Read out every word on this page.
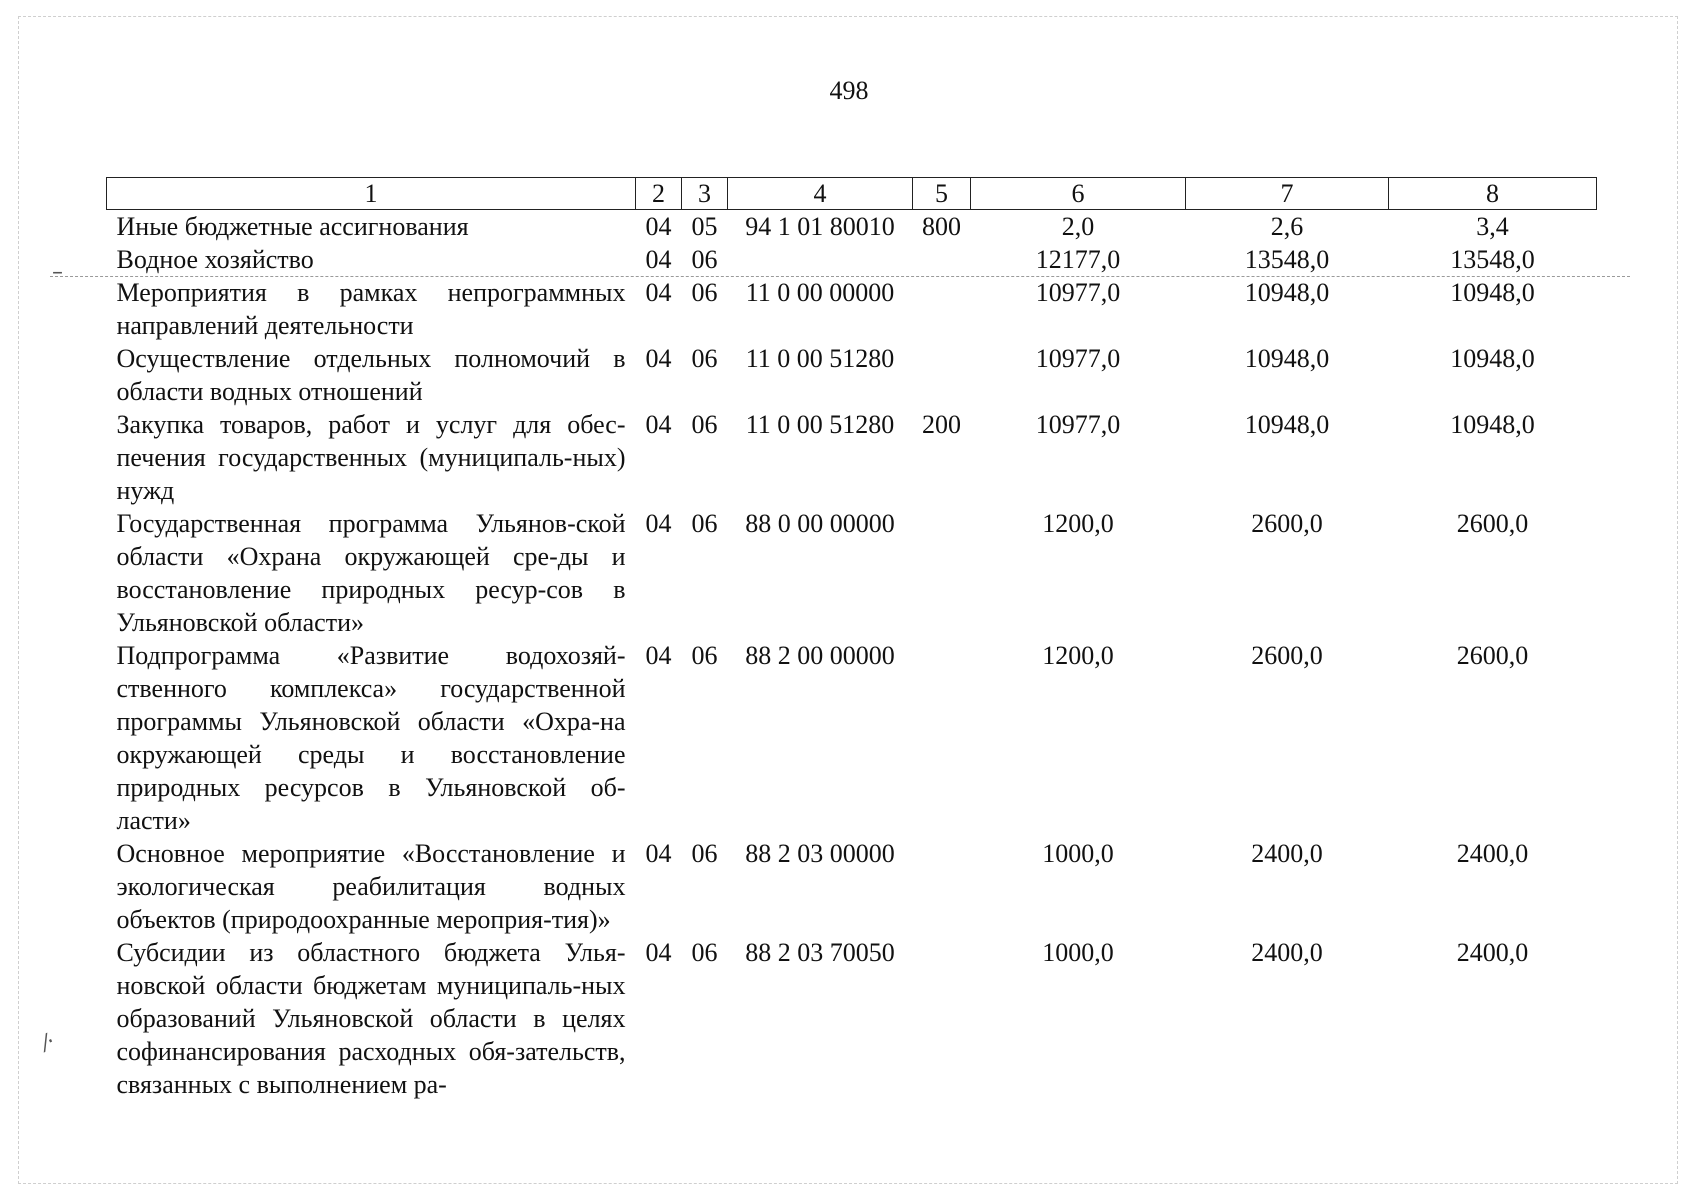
498
–
⁄·
1	2	3	4	5	6	7	8
Иные бюджетные ассигнования	04	05	94 1 01 80010	800	2,0	2,6	3,4
Водное хозяйство	04	06			12177,0	13548,0	13548,0
Мероприятия в рамках непрограммных направлений деятельности	04	06	11 0 00 00000		10977,0	10948,0	10948,0
Осуществление отдельных полномочий в области водных отношений	04	06	11 0 00 51280		10977,0	10948,0	10948,0
Закупка товаров, работ и услуг для обес-печения государственных (муниципаль-ных) нужд	04	06	11 0 00 51280	200	10977,0	10948,0	10948,0
Государственная программа Ульянов-ской области «Охрана окружающей сре-ды и восстановление природных ресур-сов в Ульяновской области»	04	06	88 0 00 00000		1200,0	2600,0	2600,0
Подпрограмма «Развитие водохозяй-ственного комплекса» государственной программы Ульяновской области «Охра-на окружающей среды и восстановление природных ресурсов в Ульяновской об-ласти»	04	06	88 2 00 00000		1200,0	2600,0	2600,0
Основное мероприятие «Восстановление и экологическая реабилитация водных объектов (природоохранные мероприя-тия)»	04	06	88 2 03 00000		1000,0	2400,0	2400,0
Субсидии из областного бюджета Улья-новской области бюджетам муниципаль-ных образований Ульяновской области в целях софинансирования расходных обя-зательств, связанных с выполнением ра-	04	06	88 2 03 70050		1000,0	2400,0	2400,0
